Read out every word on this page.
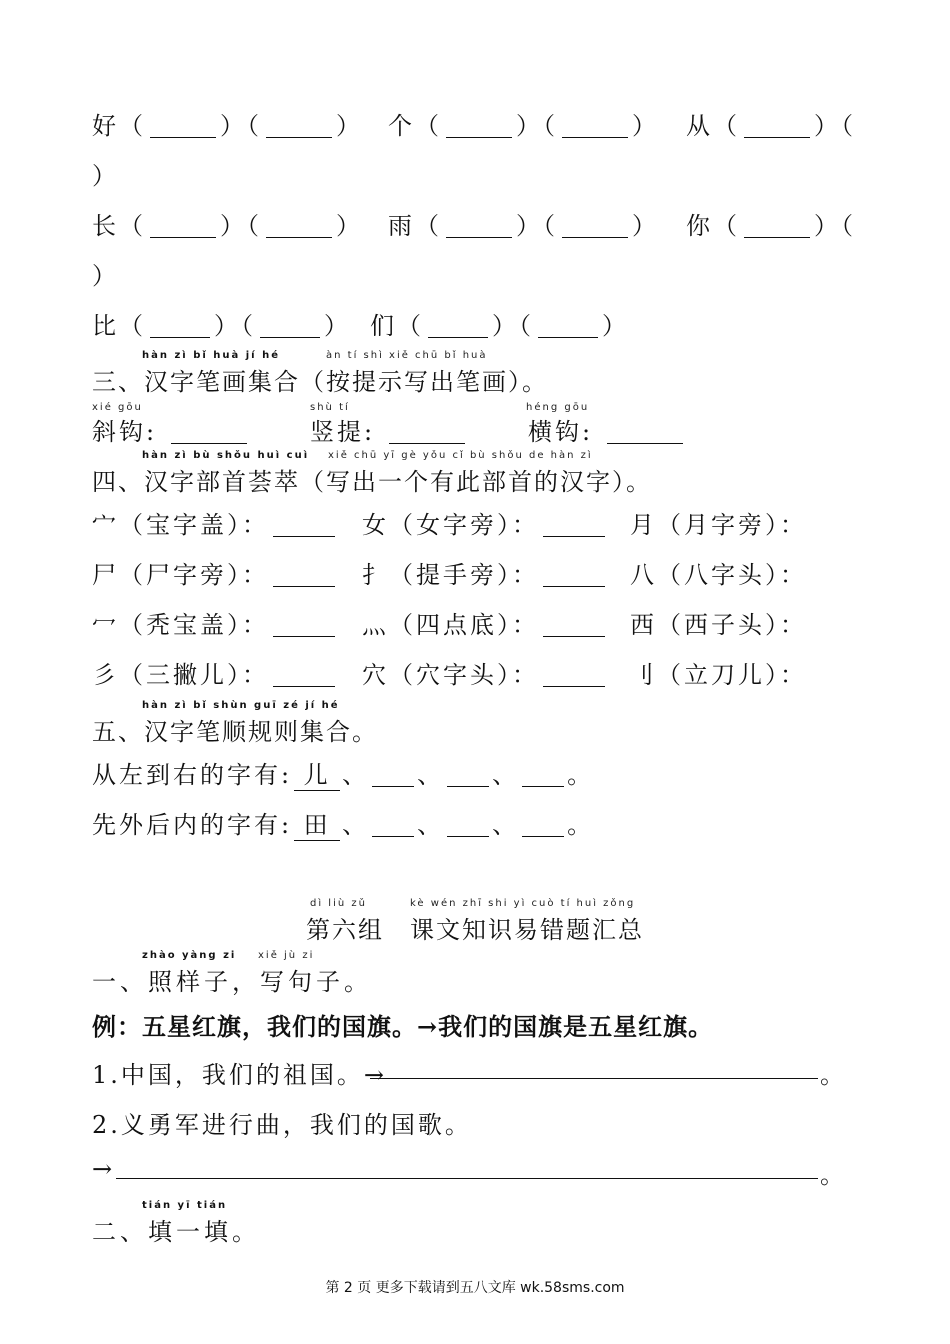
好（	）（	） 个（	）（	） 从（	）（
）
长（	）（	） 雨（	）（	） 你（	）（
）
比（	）（	） 们（	）（	）
hàn zì bǐ huà jí hé	àn tí shì xiě chū bǐ huà
三、汉字笔画集合（按提示写出笔画）。
xié gōu
斜钩:
shù tí
竖提:
héng gōu
横钩:
hàn zì bù shǒu huì cuì xiě chū yī gè yǒu cǐ bù shǒu de hàn zì
四、汉字部首荟萃（写出一个有此部首的汉字）。
宀（宝字盖）：	女（女字旁）：	月（月字旁）：
尸（尸字旁）：	扌（提手旁）：	八（八字头）：
冖（秃宝盖）：	灬（四点底）：	西（西子头）：
彡（三撇儿）：	穴（穴字头）：	刂（立刀儿）：
hàn zì bǐ shùn guī zé jí hé
五、汉字笔顺规则集合。
从左到右的字有: 儿 、 、 、 。
先外后内的字有: 田 、 、 、 。
dì liù zǔ	kè wén zhī shi yì cuò tí huì zǒng
第六组 课文知识易错题汇总
zhào yàng zi xiě jù zi
一、照样子，写句子。
例：五星红旗，我们的国旗。→我们的国旗是五星红旗。
1.中国，我们的祖国。→	。
2.义勇军进行曲，我们的国歌。
→	。
tián yī tián
二、填一填。
第 2 页 更多下载请到五八文库 wk.58sms.com
